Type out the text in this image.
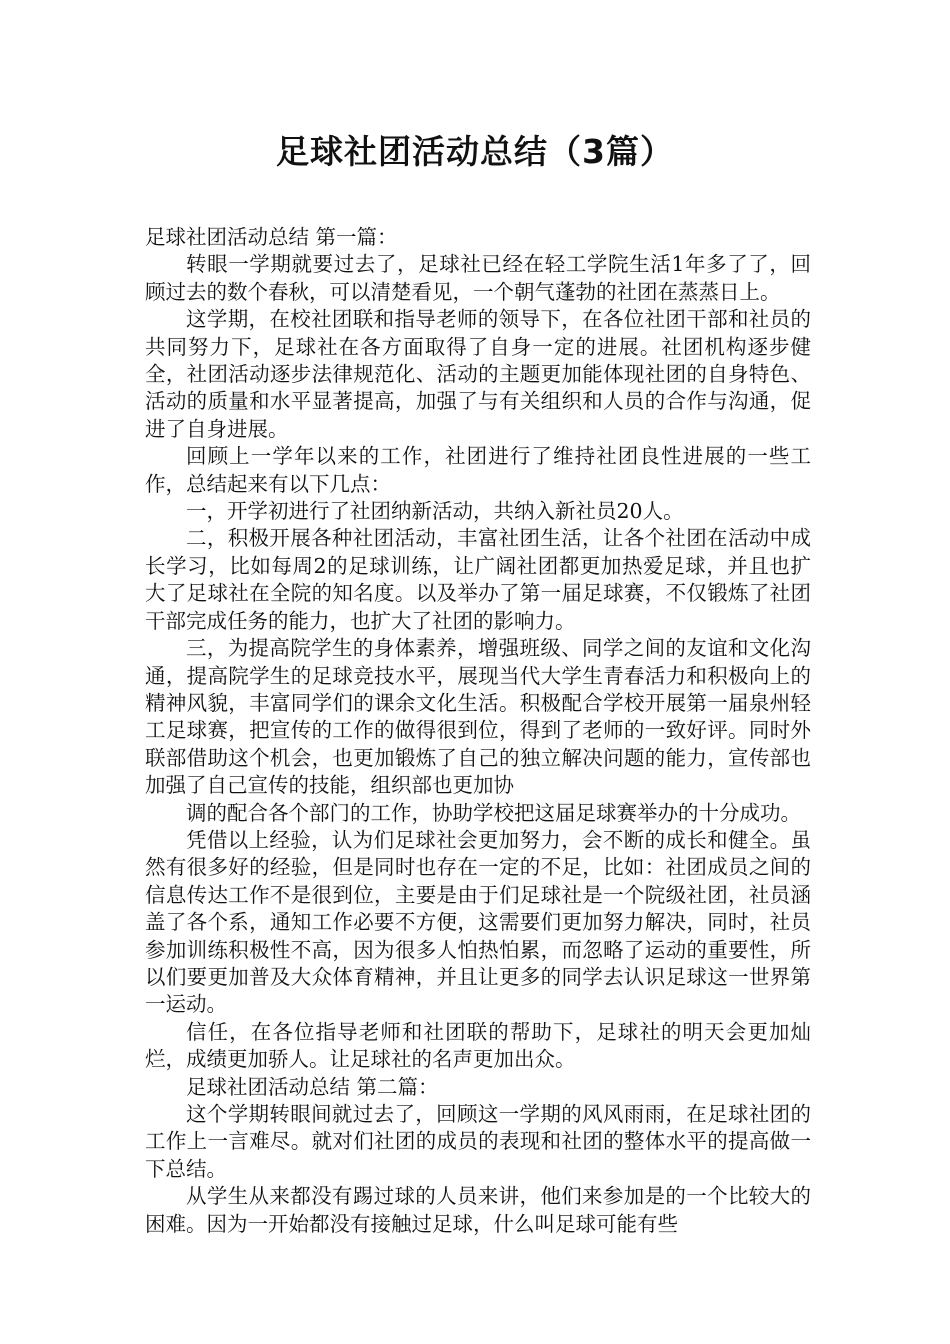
足球社团活动总结（3篇）

足球社团活动总结 第一篇：

转眼一学期就要过去了，足球社已经在轻工学院生活1年多了了，回顾过去的数个春秋，可以清楚看见，一个朝气蓬勃的社团在蒸蒸日上。

这学期，在校社团联和指导老师的领导下，在各位社团干部和社员的共同努力下，足球社在各方面取得了自身一定的进展。社团机构逐步健全，社团活动逐步法律规范化、活动的主题更加能体现社团的自身特色、活动的质量和水平显著提高，加强了与有关组织和人员的合作与沟通，促进了自身进展。

回顾上一学年以来的工作，社团进行了维持社团良性进展的一些工作，总结起来有以下几点：

一，开学初进行了社团纳新活动，共纳入新社员20人。

二，积极开展各种社团活动，丰富社团生活，让各个社团在活动中成长学习，比如每周2的足球训练，让广阔社团都更加热爱足球，并且也扩大了足球社在全院的知名度。以及举办了第一届足球赛，不仅锻炼了社团干部完成任务的能力，也扩大了社团的影响力。

三，为提高院学生的身体素养，增强班级、同学之间的友谊和文化沟通，提高院学生的足球竞技水平，展现当代大学生青春活力和积极向上的精神风貌，丰富同学们的课余文化生活。积极配合学校开展第一届泉州轻工足球赛，把宣传的工作的做得很到位，得到了老师的一致好评。同时外联部借助这个机会，也更加锻炼了自己的独立解决问题的能力，宣传部也加强了自己宣传的技能，组织部也更加协

调的配合各个部门的工作，协助学校把这届足球赛举办的十分成功。

凭借以上经验，认为们足球社会更加努力，会不断的成长和健全。虽然有很多好的经验，但是同时也存在一定的不足，比如：社团成员之间的信息传达工作不是很到位，主要是由于们足球社是一个院级社团，社员涵盖了各个系，通知工作必要不方便，这需要们更加努力解决，同时，社员参加训练积极性不高，因为很多人怕热怕累，而忽略了运动的重要性，所以们要更加普及大众体育精神，并且让更多的同学去认识足球这一世界第一运动。

信任，在各位指导老师和社团联的帮助下，足球社的明天会更加灿烂，成绩更加骄人。让足球社的名声更加出众。

足球社团活动总结 第二篇：

这个学期转眼间就过去了，回顾这一学期的风风雨雨，在足球社团的工作上一言难尽。就对们社团的成员的表现和社团的整体水平的提高做一下总结。

从学生从来都没有踢过球的人员来讲，他们来参加是的一个比较大的困难。因为一开始都没有接触过足球，什么叫足球可能有些
